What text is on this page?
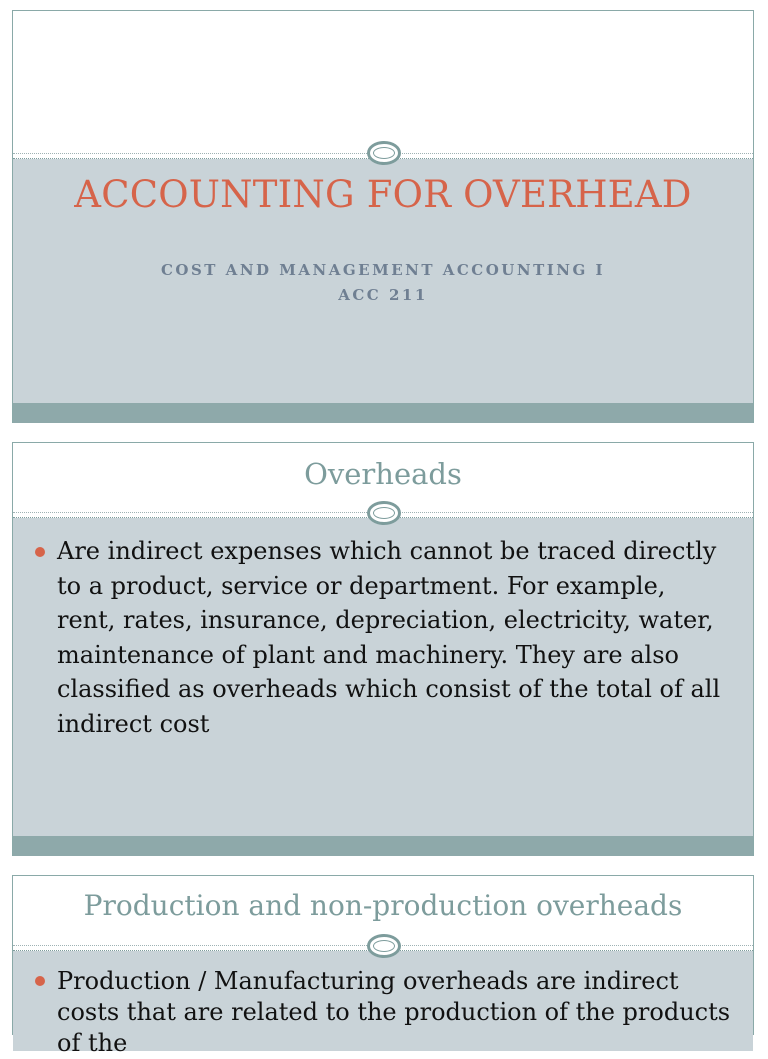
ACCOUNTING FOR OVERHEAD
COST AND MANAGEMENT ACCOUNTING I
ACC 211
Overheads
Are indirect expenses which cannot be traced directly to a product, service or department. For example, rent, rates, insurance, depreciation, electricity, water, maintenance of plant and machinery. They are also classified as overheads which consist of the total of all indirect cost
Production and non-production overheads
Production / Manufacturing overheads are indirect costs that are related to the production of the products of the
